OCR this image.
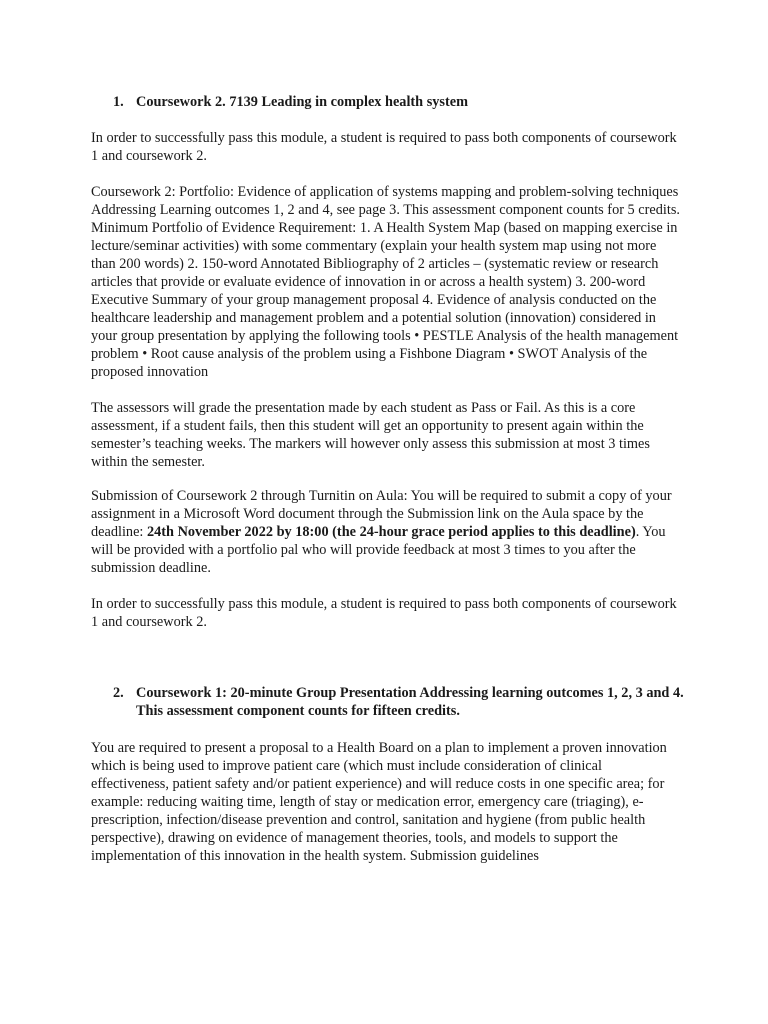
1. Coursework 2. 7139 Leading in complex health system

In order to successfully pass this module, a student is required to pass both components of coursework 1 and coursework 2.

Coursework 2: Portfolio: Evidence of application of systems mapping and problem-solving techniques Addressing Learning outcomes 1, 2 and 4, see page 3. This assessment component counts for 5 credits. Minimum Portfolio of Evidence Requirement: 1. A Health System Map (based on mapping exercise in lecture/seminar activities) with some commentary (explain your health system map using not more than 200 words) 2. 150-word Annotated Bibliography of 2 articles – (systematic review or research articles that provide or evaluate evidence of innovation in or across a health system) 3. 200-word Executive Summary of your group management proposal 4. Evidence of analysis conducted on the healthcare leadership and management problem and a potential solution (innovation) considered in your group presentation by applying the following tools • PESTLE Analysis of the health management problem • Root cause analysis of the problem using a Fishbone Diagram • SWOT Analysis of the proposed innovation

The assessors will grade the presentation made by each student as Pass or Fail. As this is a core assessment, if a student fails, then this student will get an opportunity to present again within the semester’s teaching weeks. The markers will however only assess this submission at most 3 times within the semester.

Submission of Coursework 2 through Turnitin on Aula: You will be required to submit a copy of your assignment in a Microsoft Word document through the Submission link on the Aula space by the deadline: 24th November 2022 by 18:00 (the 24-hour grace period applies to this deadline). You will be provided with a portfolio pal who will provide feedback at most 3 times to you after the submission deadline.

In order to successfully pass this module, a student is required to pass both components of coursework 1 and coursework 2.

2. Coursework 1: 20-minute Group Presentation Addressing learning outcomes 1, 2, 3 and 4. This assessment component counts for fifteen credits.

You are required to present a proposal to a Health Board on a plan to implement a proven innovation which is being used to improve patient care (which must include consideration of clinical effectiveness, patient safety and/or patient experience) and will reduce costs in one specific area; for example: reducing waiting time, length of stay or medication error, emergency care (triaging), e-prescription, infection/disease prevention and control, sanitation and hygiene (from public health perspective), drawing on evidence of management theories, tools, and models to support the implementation of this innovation in the health system. Submission guidelines
